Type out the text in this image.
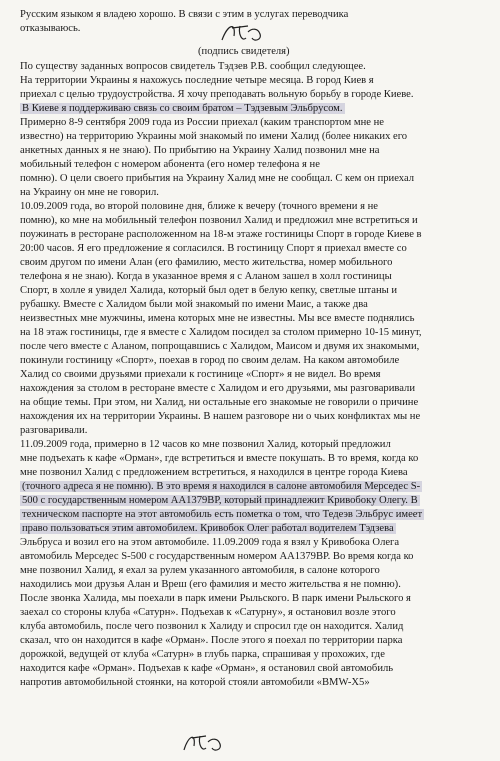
Русским языком я владею хорошо. В связи с этим в услугах переводчика
отказываюсь.
(подпись свидетеля)
По существу заданных вопросов свидетель Тэдзев Р.В. сообщил следующее.
На территории Украины я нахожусь последние четыре месяца. В город Киев я
приехал с целью трудоустройства. Я хочу преподавать вольную борьбу в городе Киеве.
В Киеве я поддерживаю связь со своим братом – Тэдзевым Эльбрусом.
Примерно 8-9 сентября 2009 года из России приехал (каким транспортом мне не
известно) на территорию Украины мой знакомый по имени Халид (более никаких его
анкетных данных я не знаю). По прибытию на Украину Халид позвонил мне на
мобильный телефон с номером абонента (его номер телефона я не
помню). О цели своего прибытия на Украину Халид мне не сообщал. С кем он приехал
на Украину он мне не говорил.
10.09.2009 года, во второй половине дня, ближе к вечеру (точного времени я не
помню), ко мне на мобильный телефон позвонил Халид и предложил мне встретиться и
поужинать в ресторане расположенном на 18-м этаже гостиницы Спорт в городе Киеве в
20:00 часов. Я его предложение я согласился. В гостиницу Спорт я приехал вместе со
своим другом по имени Алан (его фамилию, место жительства, номер мобильного
телефона я не знаю). Когда в указанное время я с Аланом зашел в холл гостиницы
Спорт, в холле я увидел Халида, который был одет в белую кепку, светлые штаны и
рубашку. Вместе с Халидом были мой знакомый по имени Маис, а также два
неизвестных мне мужчины, имена которых мне не известны. Мы все вместе поднялись
на 18 этаж гостиницы, где я вместе с Халидом посидел за столом примерно 10-15 минут,
после чего вместе с Аланом, попрощавшись с Халидом, Маисом и двумя их знакомыми,
покинули гостиницу «Спорт», поехав в город по своим делам. На каком автомобиле
Халид со своими друзьями приехали к гостинице «Спорт» я не видел. Во время
нахождения за столом в ресторане вместе с Халидом и его друзьями, мы разговаривали
на общие темы. При этом, ни Халид, ни остальные его знакомые не говорили о причине
нахождения их на территории Украины. В нашем разговоре ни о чьих конфликтах мы не
разговаривали.
11.09.2009 года, примерно в 12 часов ко мне позвонил Халид, который предложил
мне подъехать к кафе «Орман», где встретиться и вместе покушать. В то время, когда ко
мне позвонил Халид с предложением встретиться, я находился в центре города Киева
(точного адреса я не помню). В это время я находился в салоне автомобиля Мерседес S-
500 с государственным номером АА1379ВР, который принадлежит Кривобоку Олегу. В
техническом паспорте на этот автомобиль есть пометка о том, что Тедеэв Эльбрус имеет
право пользоваться этим автомобилем. Кривобок Олег работал водителем Тэдзева
Эльбруса и возил его на этом автомобиле. 11.09.2009 года я взял у Кривобока Олега
автомобиль Мерседес S-500 с государственным номером АА1379ВР. Во время когда ко
мне позвонил Халид, я ехал за рулем указанного автомобиля, в салоне которого
находились мои друзья Алан и Вреш (его фамилия и место жительства я не помню).
После звонка Халида, мы поехали в парк имени Рыльского. В парк имени Рыльского я
заехал со стороны клуба «Сатурн». Подъехав к «Сатурну», я остановил возле этого
клуба автомобиль, после чего позвонил к Халиду и спросил где он находится. Халид
сказал, что он находится в кафе «Орман». После этого я поехал по территории парка
дорожкой, ведущей от клуба «Сатурн» в глубь парка, спрашивая у прохожих, где
находится кафе «Орман». Подъехав к кафе «Орман», я остановил свой автомобиль
напротив автомобильной стоянки, на которой стояли автомобили «BMW-X5»
